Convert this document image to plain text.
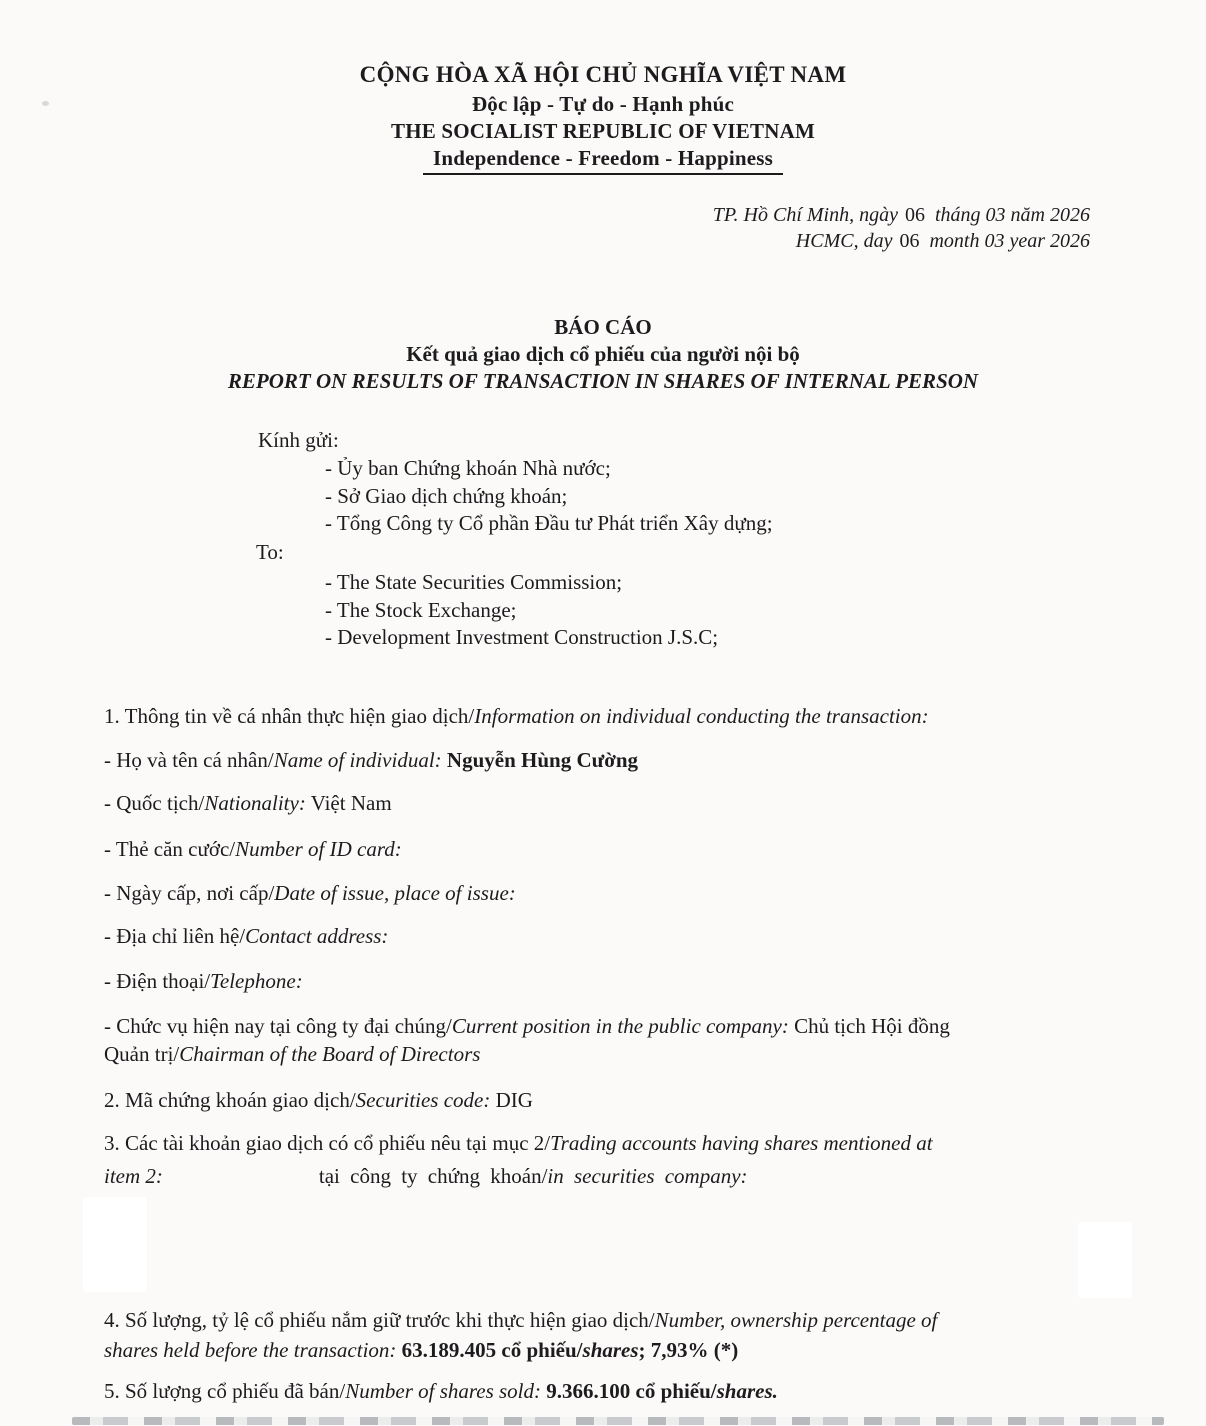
CỘNG HÒA XÃ HỘI CHỦ NGHĨA VIỆT NAM
Độc lập - Tự do - Hạnh phúc
THE SOCIALIST REPUBLIC OF VIETNAM
Independence - Freedom - Happiness
TP. Hồ Chí Minh, ngày 06 tháng 03 năm 2026
HCMC, day 06 month 03 year 2026
BÁO CÁO
Kết quả giao dịch cổ phiếu của người nội bộ
REPORT ON RESULTS OF TRANSACTION IN SHARES OF INTERNAL PERSON
Kính gửi:
- Ủy ban Chứng khoán Nhà nước;
- Sở Giao dịch chứng khoán;
- Tổng Công ty Cổ phần Đầu tư Phát triển Xây dựng;
To:
- The State Securities Commission;
- The Stock Exchange;
- Development Investment Construction J.S.C;
1. Thông tin về cá nhân thực hiện giao dịch/Information on individual conducting the transaction:
- Họ và tên cá nhân/Name of individual: Nguyễn Hùng Cường
- Quốc tịch/Nationality: Việt Nam
- Thẻ căn cước/Number of ID card:
- Ngày cấp, nơi cấp/Date of issue, place of issue:
- Địa chỉ liên hệ/Contact address:
- Điện thoại/Telephone:
- Chức vụ hiện nay tại công ty đại chúng/Current position in the public company: Chủ tịch Hội đồng
Quản trị/Chairman of the Board of Directors
2. Mã chứng khoán giao dịch/Securities code: DIG
3. Các tài khoản giao dịch có cổ phiếu nêu tại mục 2/Trading accounts having shares mentioned at
item 2:	tại công ty chứng khoán/in securities company:
4. Số lượng, tỷ lệ cổ phiếu nắm giữ trước khi thực hiện giao dịch/Number, ownership percentage of
shares held before the transaction: 63.189.405 cổ phiếu/shares; 7,93% (*)
5. Số lượng cổ phiếu đã bán/Number of shares sold: 9.366.100 cổ phiếu/shares.
